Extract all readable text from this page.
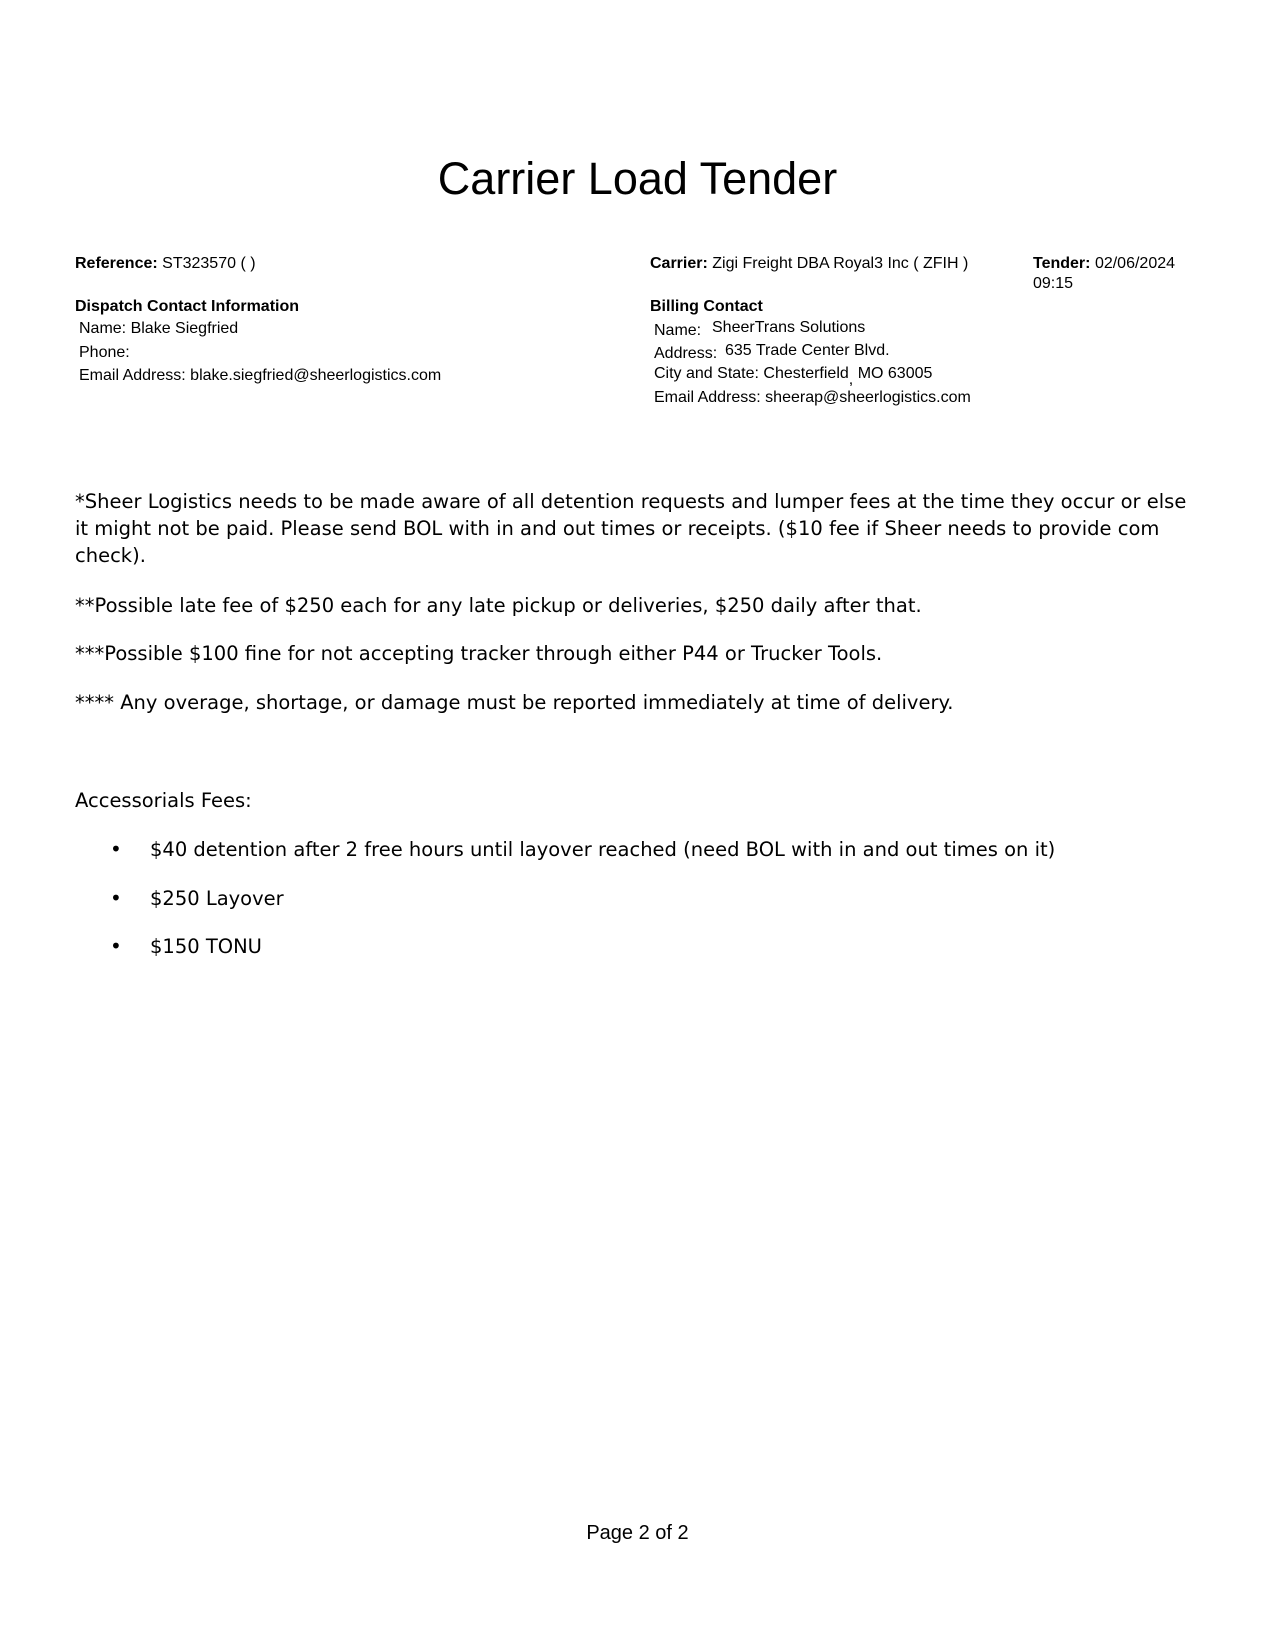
Carrier Load Tender
Reference: ST323570 ( )	Carrier: Zigi Freight DBA Royal3 Inc ( ZFIH )	Tender: 02/06/2024
09:15
Dispatch Contact Information
Name: Blake Siegfried
Phone:
Email Address: blake.siegfried@sheerlogistics.com
Billing Contact
Name: SheerTrans Solutions
Address: 635 Trade Center Blvd.
City and State: Chesterfield, MO 63005
Email Address: sheerap@sheerlogistics.com
*Sheer Logistics needs to be made aware of all detention requests and lumper fees at the time they occur or else it might not be paid. Please send BOL with in and out times or receipts. ($10 fee if Sheer needs to provide com check).
**Possible late fee of $250 each for any late pickup or deliveries, $250 daily after that.
***Possible $100 fine for not accepting tracker through either P44 or Trucker Tools.
**** Any overage, shortage, or damage must be reported immediately at time of delivery.
Accessorials Fees:
• $40 detention after 2 free hours until layover reached (need BOL with in and out times on it)
• $250 Layover
• $150 TONU
Page 2 of 2
